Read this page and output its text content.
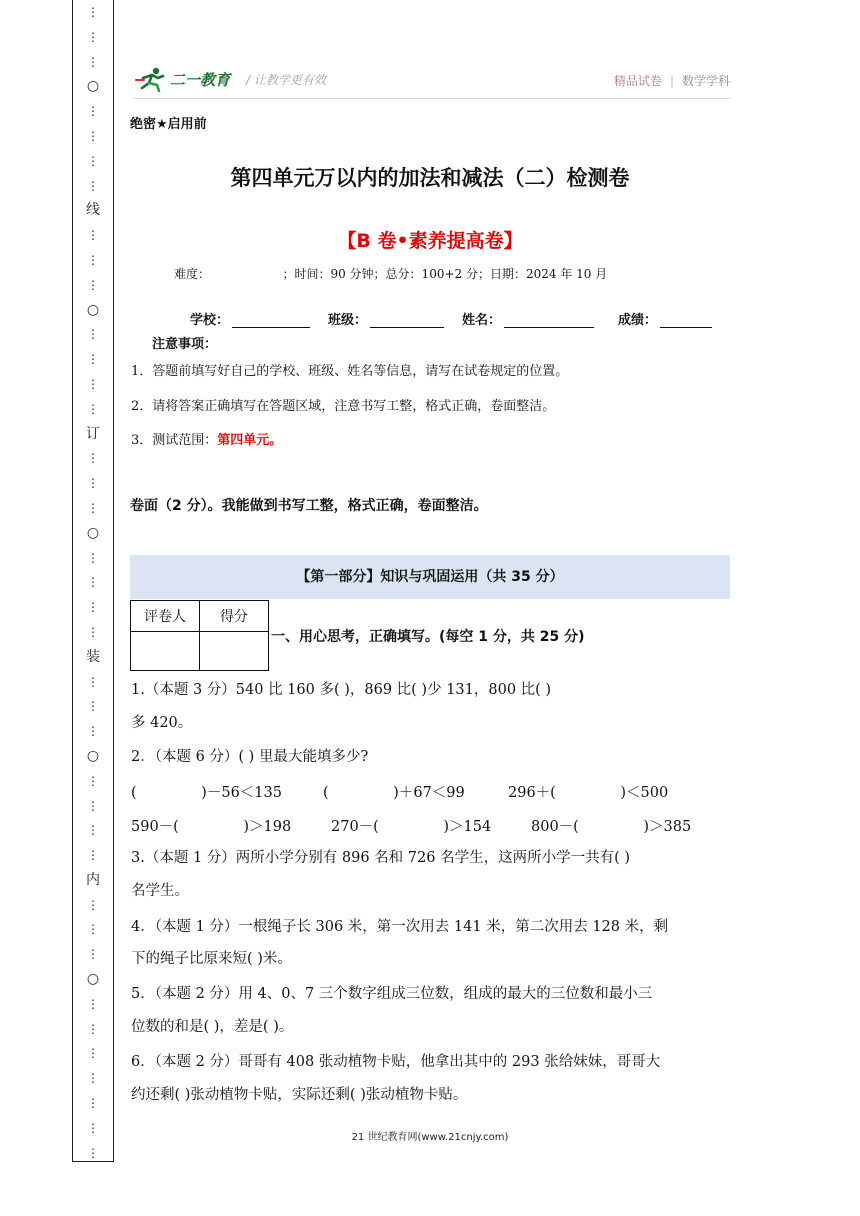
⋮
⋮
⋮
○
⋮
⋮
⋮
⋮
线
⋮
⋮
⋮
○
⋮
⋮
⋮
⋮
订
⋮
⋮
⋮
○
⋮
⋮
⋮
⋮
装
⋮
⋮
⋮
○
⋮
⋮
⋮
⋮
内
⋮
⋮
⋮
○
⋮
⋮
⋮
⋮
⋮
⋮
⋮
二一教育 / 让教学更有效	精品试卷 | 数学学科
绝密★启用前
第四单元万以内的加法和减法（二）检测卷
【B 卷•素养提高卷】
难度：                   ；时间：90 分钟；总分：100+2 分；日期：2024 年 10 月
学校：	班级：	姓名：	成绩：
注意事项：
1．答题前填写好自己的学校、班级、姓名等信息，请写在试卷规定的位置。
2．请将答案正确填写在答题区域，注意书写工整，格式正确，卷面整洁。
3．测试范围：第四单元。
卷面（2 分）。我能做到书写工整，格式正确，卷面整洁。
【第一部分】知识与巩固运用（共 35 分）
评卷人	得分

一、用心思考，正确填写。(每空 1 分，共 25 分)
1.（本题 3 分）540 比 160 多( )，869 比( )少 131，800 比( )
多 420。
2．（本题 6 分）( ) 里最大能填多少?
(              )－56＜135	(              )＋67＜99	296＋(              )＜500
590－(              )＞198	270－(              )＞154	800－(              )＞385
3.（本题 1 分）两所小学分别有 896 名和 726 名学生，这两所小学一共有( )
名学生。
4．（本题 1 分）一根绳子长 306 米，第一次用去 141 米，第二次用去 128 米，剩
下的绳子比原来短( )米。
5．（本题 2 分）用 4、0、7 三个数字组成三位数，组成的最大的三位数和最小三
位数的和是( )，差是( )。
6．（本题 2 分）哥哥有 408 张动植物卡贴，他拿出其中的 293 张给妹妹，哥哥大
约还剩( )张动植物卡贴，实际还剩( )张动植物卡贴。
21 世纪教育网(www.21cnjy.com)
